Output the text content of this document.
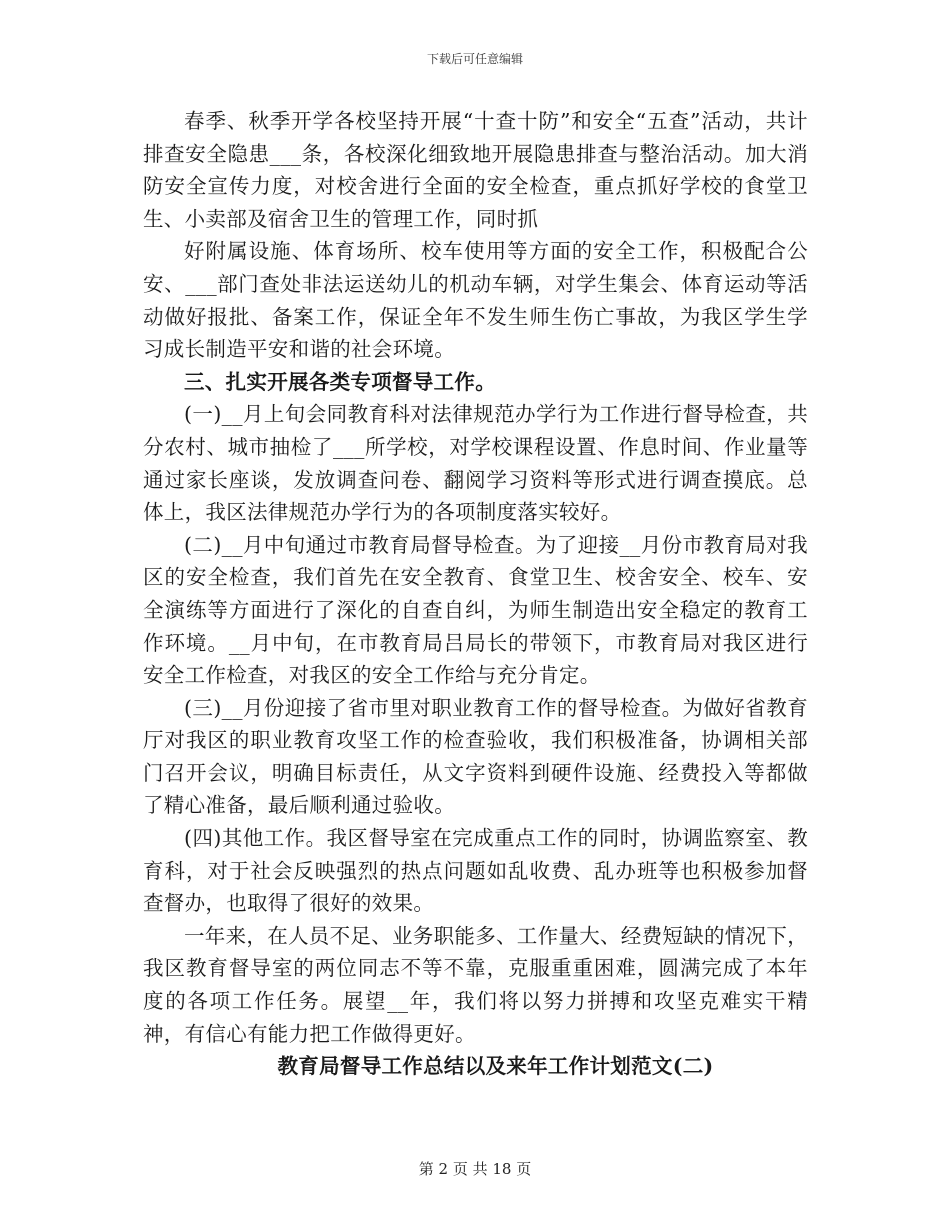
下载后可任意编辑

春季、秋季开学各校坚持开展“十查十防”和安全“五查”活动，共计排查安全隐患___条，各校深化细致地开展隐患排查与整治活动。加大消防安全宣传力度，对校舍进行全面的安全检查，重点抓好学校的食堂卫生、小卖部及宿舍卫生的管理工作，同时抓

好附属设施、体育场所、校车使用等方面的安全工作，积极配合公安、___部门查处非法运送幼儿的机动车辆，对学生集会、体育运动等活动做好报批、备案工作，保证全年不发生师生伤亡事故，为我区学生学习成长制造平安和谐的社会环境。

三、扎实开展各类专项督导工作。

(一)__月上旬会同教育科对法律规范办学行为工作进行督导检查，共分农村、城市抽检了___所学校，对学校课程设置、作息时间、作业量等通过家长座谈，发放调查问卷、翻阅学习资料等形式进行调查摸底。总体上，我区法律规范办学行为的各项制度落实较好。

(二)__月中旬通过市教育局督导检查。为了迎接__月份市教育局对我区的安全检查，我们首先在安全教育、食堂卫生、校舍安全、校车、安全演练等方面进行了深化的自查自纠，为师生制造出安全稳定的教育工作环境。__月中旬，在市教育局吕局长的带领下，市教育局对我区进行安全工作检查，对我区的安全工作给与充分肯定。

(三)__月份迎接了省市里对职业教育工作的督导检查。为做好省教育厅对我区的职业教育攻坚工作的检查验收，我们积极准备，协调相关部门召开会议，明确目标责任，从文字资料到硬件设施、经费投入等都做了精心准备，最后顺利通过验收。

(四)其他工作。我区督导室在完成重点工作的同时，协调监察室、教育科，对于社会反映强烈的热点问题如乱收费、乱办班等也积极参加督查督办，也取得了很好的效果。

一年来，在人员不足、业务职能多、工作量大、经费短缺的情况下，我区教育督导室的两位同志不等不靠，克服重重困难，圆满完成了本年度的各项工作任务。展望__年，我们将以努力拼搏和攻坚克难实干精神，有信心有能力把工作做得更好。

教育局督导工作总结以及来年工作计划范文(二)

第 2 页 共 18 页
